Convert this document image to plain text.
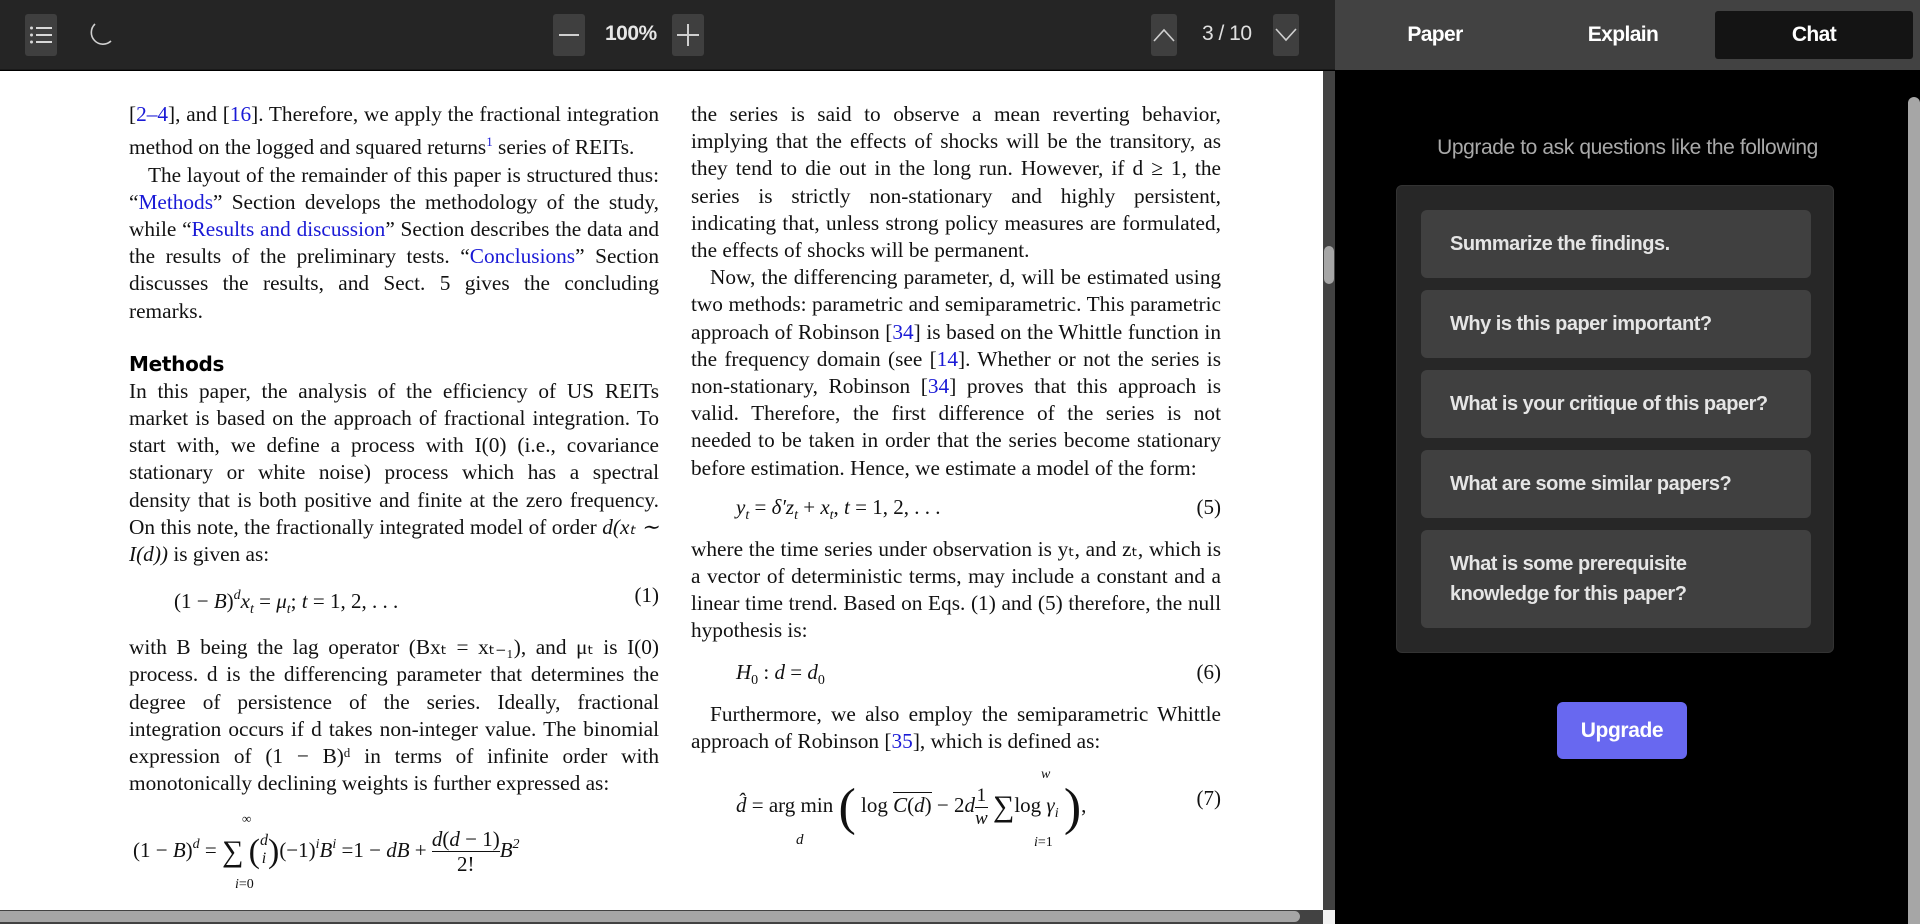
100%	3 / 10	Paper	Explain	Chat

[2–4], and [16]. Therefore, we apply the fractional integration method on the logged and squared returns$^1$ series of REITs.

The layout of the remainder of this paper is structured thus: “Methods” Section develops the methodology of the study, while “Results and discussion” Section describes the data and the results of the preliminary tests. “Conclusions” Section discusses the results, and Sect. 5 gives the concluding remarks.

Methods

In this paper, the analysis of the efficiency of US REITs market is based on the approach of fractional integration. To start with, we define a process with I(0) (i.e., covariance stationary or white noise) process which has a spectral density that is both positive and finite at the zero frequency. On this note, the fractionally integrated model of order d(xₜ ∼ I(d)) is given as:

$(1 - B)^dx_t = \mu_t$; t = 1, 2, . . .	(1)

with B being the lag operator (Bxₜ = xₜ₋₁), and μₜ is I(0) process. d is the differencing parameter that determines the degree of persistence of the series. Ideally, fractional integration occurs if d takes non-integer value. The binomial expression of (1 − B)ᵈ in terms of infinite order with monotonically declining weights is further expressed as:

$(1 - B)^d$ = ∑ (d
$i)(-1)^iB^i =1$ − dB + $\frac{d(d - 1)}{2!} B^2$
∞
i=0

the series is said to observe a mean reverting behavior, implying that the effects of shocks will be the transitory, as they tend to die out in the long run. However, if d ≥ 1, the series is strictly non-stationary and highly persistent, indicating that, unless strong policy measures are formulated, the effects of shocks will be permanent.

Now, the differencing parameter, d, will be estimated using two methods: parametric and semiparametric. This parametric approach of Robinson [34] is based on the Whittle function in the frequency domain (see [14]. Whether or not the series is non-stationary, Robinson [34] proves that this approach is valid. Therefore, the first difference of the series is not needed to be taken in order that the series become stationary before estimation. Hence, we estimate a model of the form:

$y_t = \delta'z_t + x_t$, t = 1, 2, . . .	(5)

where the time series under observation is yₜ, and zₜ, which is a vector of deterministic terms, may include a constant and a linear time trend. Based on Eqs. (1) and (5) therefore, the null hypothesis is:

$H_0$ : $d = d_0$	(6)

Furthermore, we also employ the semiparametric Whittle approach of Robinson [35], which is defined as:

d̂ = arg min ( $\log C(d) - 2d \frac{1}{w} \sum\log$ $\gamma_i$ ),
d
w
i=1
(7)
Upgrade to ask questions like the following
Summarize the findings.
Why is this paper important?
What is your critique of this paper?
What are some similar papers?
What is some prerequisite knowledge for this paper?
Upgrade
